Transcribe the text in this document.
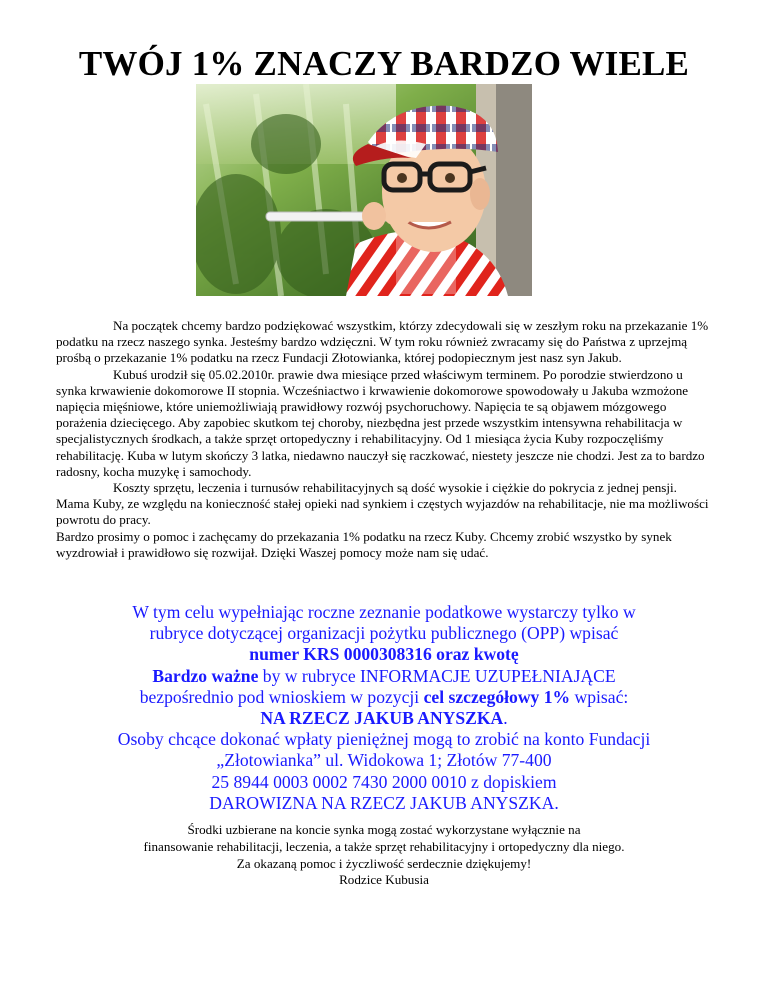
TWÓJ 1% ZNACZY BARDZO WIELE

Na początek chcemy bardzo podziękować wszystkim, którzy zdecydowali się w zeszłym roku na przekazanie 1% podatku na rzecz naszego synka. Jesteśmy bardzo wdzięczni. W tym roku również zwracamy się do Państwa z uprzejmą prośbą o przekazanie 1% podatku na rzecz Fundacji Złotowianka, której podopiecznym jest nasz syn Jakub.

Kubuś urodził się 05.02.2010r. prawie dwa miesiące przed właściwym terminem. Po porodzie stwierdzono u synka krwawienie dokomorowe II stopnia. Wcześniactwo i krwawienie dokomorowe spowodowały u Jakuba wzmożone napięcia mięśniowe, które uniemożliwiają prawidłowy rozwój psychoruchowy. Napięcia te są objawem mózgowego porażenia dziecięcego. Aby zapobiec skutkom tej choroby, niezbędna jest przede wszystkim intensywna rehabilitacja w specjalistycznych środkach, a także sprzęt ortopedyczny i rehabilitacyjny. Od 1 miesiąca życia Kuby rozpoczęliśmy rehabilitację. Kuba w lutym skończy 3 latka, niedawno nauczył się raczkować, niestety jeszcze nie chodzi. Jest za to bardzo radosny, kocha muzykę i samochody.

Koszty sprzętu, leczenia i turnusów rehabilitacyjnych są dość wysokie i ciężkie do pokrycia z jednej pensji. Mama Kuby, ze względu na konieczność stałej opieki nad synkiem i częstych wyjazdów na rehabilitacje, nie ma możliwości powrotu do pracy.

Bardzo prosimy o pomoc i zachęcamy do przekazania 1% podatku na rzecz Kuby. Chcemy zrobić wszystko by synek wyzdrowiał i prawidłowo się rozwijał. Dzięki Waszej pomocy może nam się udać.

W tym celu wypełniając roczne zeznanie podatkowe wystarczy tylko w

rubryce dotyczącej organizacji pożytku publicznego (OPP) wpisać

numer KRS 0000308316 oraz kwotę

Bardzo ważne by w rubryce INFORMACJE UZUPEŁNIAJĄCE

bezpośrednio pod wnioskiem w pozycji cel szczegółowy 1% wpisać:

NA RZECZ JAKUB ANYSZKA.

Osoby chcące dokonać wpłaty pieniężnej mogą to zrobić na konto Fundacji

„Złotowianka” ul. Widokowa 1; Złotów 77-400

25 8944 0003 0002 7430 2000 0010 z dopiskiem

DAROWIZNA NA RZECZ JAKUB ANYSZKA.

Środki uzbierane na koncie synka mogą zostać wykorzystane wyłącznie na

finansowanie rehabilitacji, leczenia, a także sprzęt rehabilitacyjny i ortopedyczny dla niego.

Za okazaną pomoc i życzliwość serdecznie dziękujemy!

Rodzice Kubusia
